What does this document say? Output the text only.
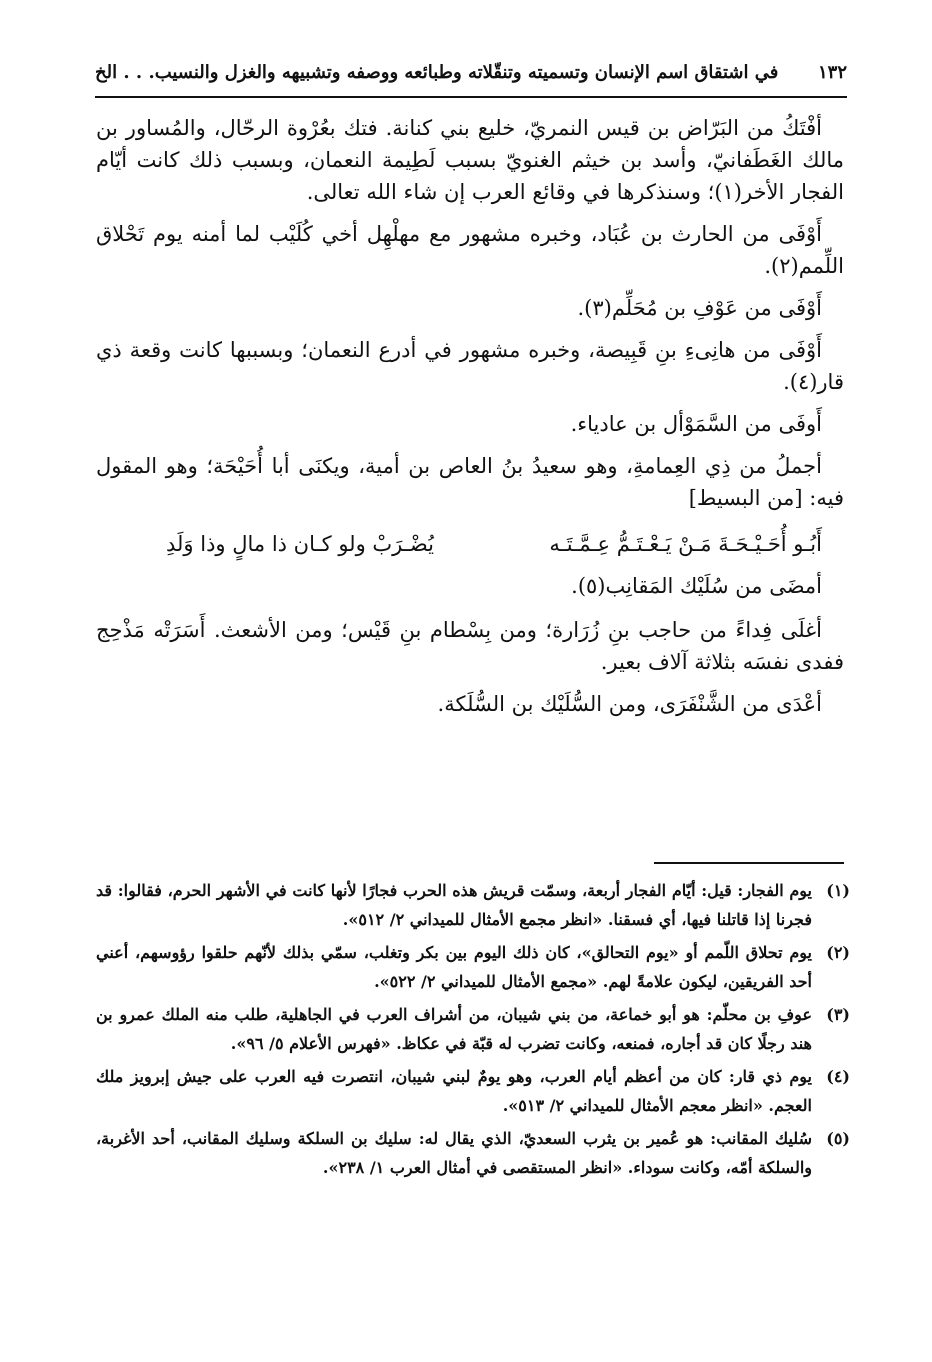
١٣٢
في اشتقاق اسم الإنسان وتسميته وتنقّلاته وطبائعه ووصفه وتشبيهه والغزل والنسيب. . . الخ

أفْتَكُ من البَرّاض بن قيس النمريّ، خليع بني كنانة. فتك بعُرْوة الرحّال، والمُساور بن مالك الغَطَفانيّ، وأسد بن خيثم الغنويّ بسبب لَطِيمة النعمان، وبسبب ذلك كانت أيّام الفجار الأخر(١)؛ وسنذكرها في وقائع العرب إن شاء الله تعالى.

أَوْفَى من الحارث بن عُبَاد، وخبره مشهور مع مهلْهِل أخي كُلَيْب لما أمنه يوم تَحْلاق اللِّمم(٢).

أَوْفَى من عَوْفِ بن مُحَلِّم(٣).

أَوْفَى من هانِىءِ بنِ قَبِيصة، وخبره مشهور في أدرع النعمان؛ وبسببها كانت وقعة ذي قار(٤).

أَوفَى من السَّمَوْأل بن عادياء.

أجملُ من ذِي العِمامةِ، وهو سعيدُ بنُ العاص بن أمية، ويكنَى أبا أُحَيْحَة؛ وهو المقول فيه: [من البسيط]

أَبُـو أُحَـيْـحَـةَ مَـنْ يَـعْـتَـمُّ عِـمَّـتَـه
يُضْـرَبْ ولو كـان ذا مالٍ وذا وَلَدِ

أمضَى من سُلَيْك المَقانِب(٥).

أغلَى فِداءً من حاجب بنِ زُرَارة؛ ومن بِسْطام بنِ قَيْس؛ ومن الأشعث. أَسَرَتْه مَذْحِج ففدى نفسَه بثلاثة آلاف بعير.

أعْدَى من الشَّنْفَرَى، ومن السُّلَيْك بن السُّلَكة.

(١)
يوم الفجار: قيل: أيّام الفجار أربعة، وسمّت قريش هذه الحرب فجارًا لأنها كانت في الأشهر الحرم، فقالوا: قد فجرنا إذا قاتلنا فيها، أي فسقنا. «انظر مجمع الأمثال للميداني ٢/ ٥١٢».
(٢)
يوم تحلاق اللّمم أو «يوم التحالق»، كان ذلك اليوم بين بكر وتغلب، سمّي بذلك لأنّهم حلقوا رؤوسهم، أعني أحد الفريقين، ليكون علامةً لهم. «مجمع الأمثال للميداني ٢/ ٥٢٢».
(٣)
عوفِ بن محلّم: هو أبو خماعة، من بني شيبان، من أشراف العرب في الجاهلية، طلب منه الملك عمرو بن هند رجلًا كان قد أجاره، فمنعه، وكانت تضرب له قبّة في عكاظ. «فهرس الأعلام ٥/ ٩٦».
(٤)
يوم ذي قار: كان من أعظم أيام العرب، وهو يومٌ لبني شيبان، انتصرت فيه العرب على جيش إبرويز ملك العجم. «انظر معجم الأمثال للميداني ٢/ ٥١٣».
(٥)
سُليك المقانب: هو عُمير بن يثرب السعديّ، الذي يقال له: سليك بن السلكة وسليك المقانب، أحد الأغربة، والسلكة أمّه، وكانت سوداء. «انظر المستقصى في أمثال العرب ١/ ٢٣٨».
